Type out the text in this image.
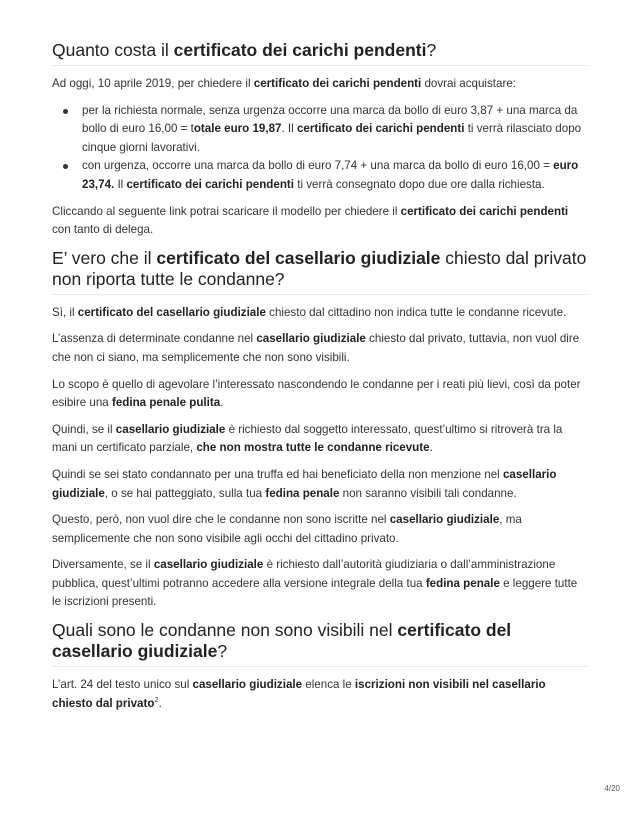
Quanto costa il certificato dei carichi pendenti?

Ad oggi, 10 aprile 2019, per chiedere il certificato dei carichi pendenti dovrai acquistare:

per la richiesta normale, senza urgenza occorre una marca da bollo di euro 3,87 + una marca da bollo di euro 16,00 = totale euro 19,87. Il certificato dei carichi pendenti ti verrà rilasciato dopo cinque giorni lavorativi.
con urgenza, occorre una marca da bollo di euro 7,74 + una marca da bollo di euro 16,00 = euro 23,74. Il certificato dei carichi pendenti ti verrà consegnato dopo due ore dalla richiesta.

Cliccando al seguente link potrai scaricare il modello per chiedere il certificato dei carichi pendenti con tanto di delega.

E’ vero che il certificato del casellario giudiziale chiesto dal privato non riporta tutte le condanne?

Sì, il certificato del casellario giudiziale chiesto dal cittadino non indica tutte le condanne ricevute.

L’assenza di determinate condanne nel casellario giudiziale chiesto dal privato, tuttavia, non vuol dire che non ci siano, ma semplicemente che non sono visibili.

Lo scopo è quello di agevolare l’interessato nascondendo le condanne per i reati più lievi, così da poter esibire una fedina penale pulita.

Quindi, se il casellario giudiziale è richiesto dal soggetto interessato, quest’ultimo si ritroverà tra la mani un certificato parziale, che non mostra tutte le condanne ricevute.

Quindi se sei stato condannato per una truffa ed hai beneficiato della non menzione nel casellario giudiziale, o se hai patteggiato, sulla tua fedina penale non saranno visibili tali condanne.

Questo, però, non vuol dire che le condanne non sono iscritte nel casellario giudiziale, ma semplicemente che non sono visibile agli occhi del cittadino privato.

Diversamente, se il casellario giudiziale è richiesto dall’autorità giudiziaria o dall’amministrazione pubblica, quest’ultimi potranno accedere alla versione integrale della tua fedina penale e leggere tutte le iscrizioni presenti.

Quali sono le condanne non sono visibili nel certificato del casellario giudiziale?

L’art. 24 del testo unico sul casellario giudiziale elenca le iscrizioni non visibili nel casellario chiesto dal privato$^2$.

4/20
